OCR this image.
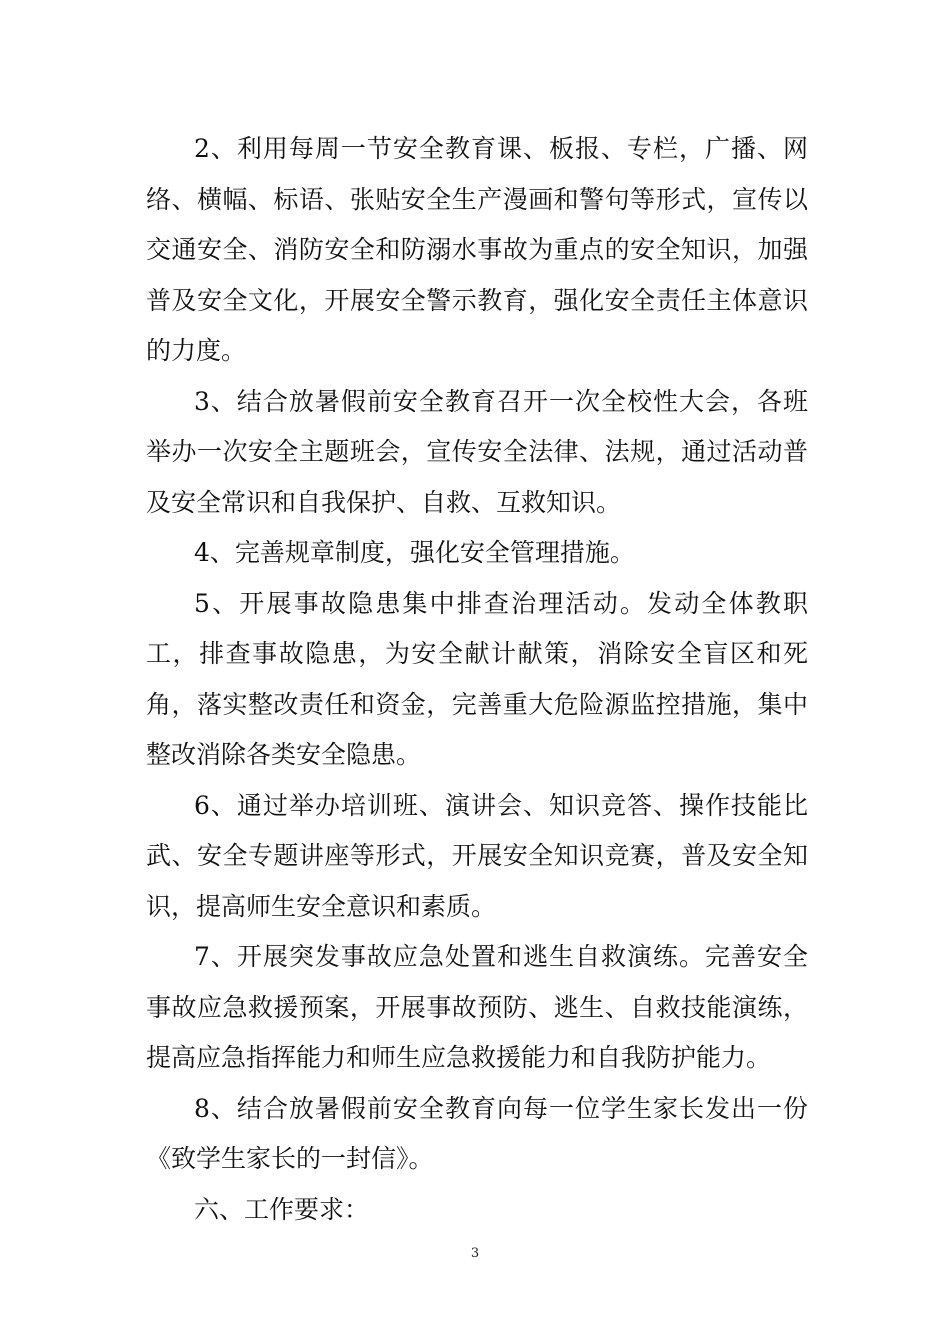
2、利用每周一节安全教育课、板报、专栏，广播、网络、横幅、标语、张贴安全生产漫画和警句等形式，宣传以交通安全、消防安全和防溺水事故为重点的安全知识，加强普及安全文化，开展安全警示教育，强化安全责任主体意识的力度。

3、结合放暑假前安全教育召开一次全校性大会，各班举办一次安全主题班会，宣传安全法律、法规，通过活动普及安全常识和自我保护、自救、互救知识。

4、完善规章制度，强化安全管理措施。

5、开展事故隐患集中排查治理活动。发动全体教职工，排查事故隐患，为安全献计献策，消除安全盲区和死角，落实整改责任和资金，完善重大危险源监控措施，集中整改消除各类安全隐患。

6、通过举办培训班、演讲会、知识竞答、操作技能比武、安全专题讲座等形式，开展安全知识竞赛，普及安全知识，提高师生安全意识和素质。

7、开展突发事故应急处置和逃生自救演练。完善安全事故应急救援预案，开展事故预防、逃生、自救技能演练，提高应急指挥能力和师生应急救援能力和自我防护能力。

8、结合放暑假前安全教育向每一位学生家长发出一份《致学生家长的一封信》。

六、工作要求：

3
